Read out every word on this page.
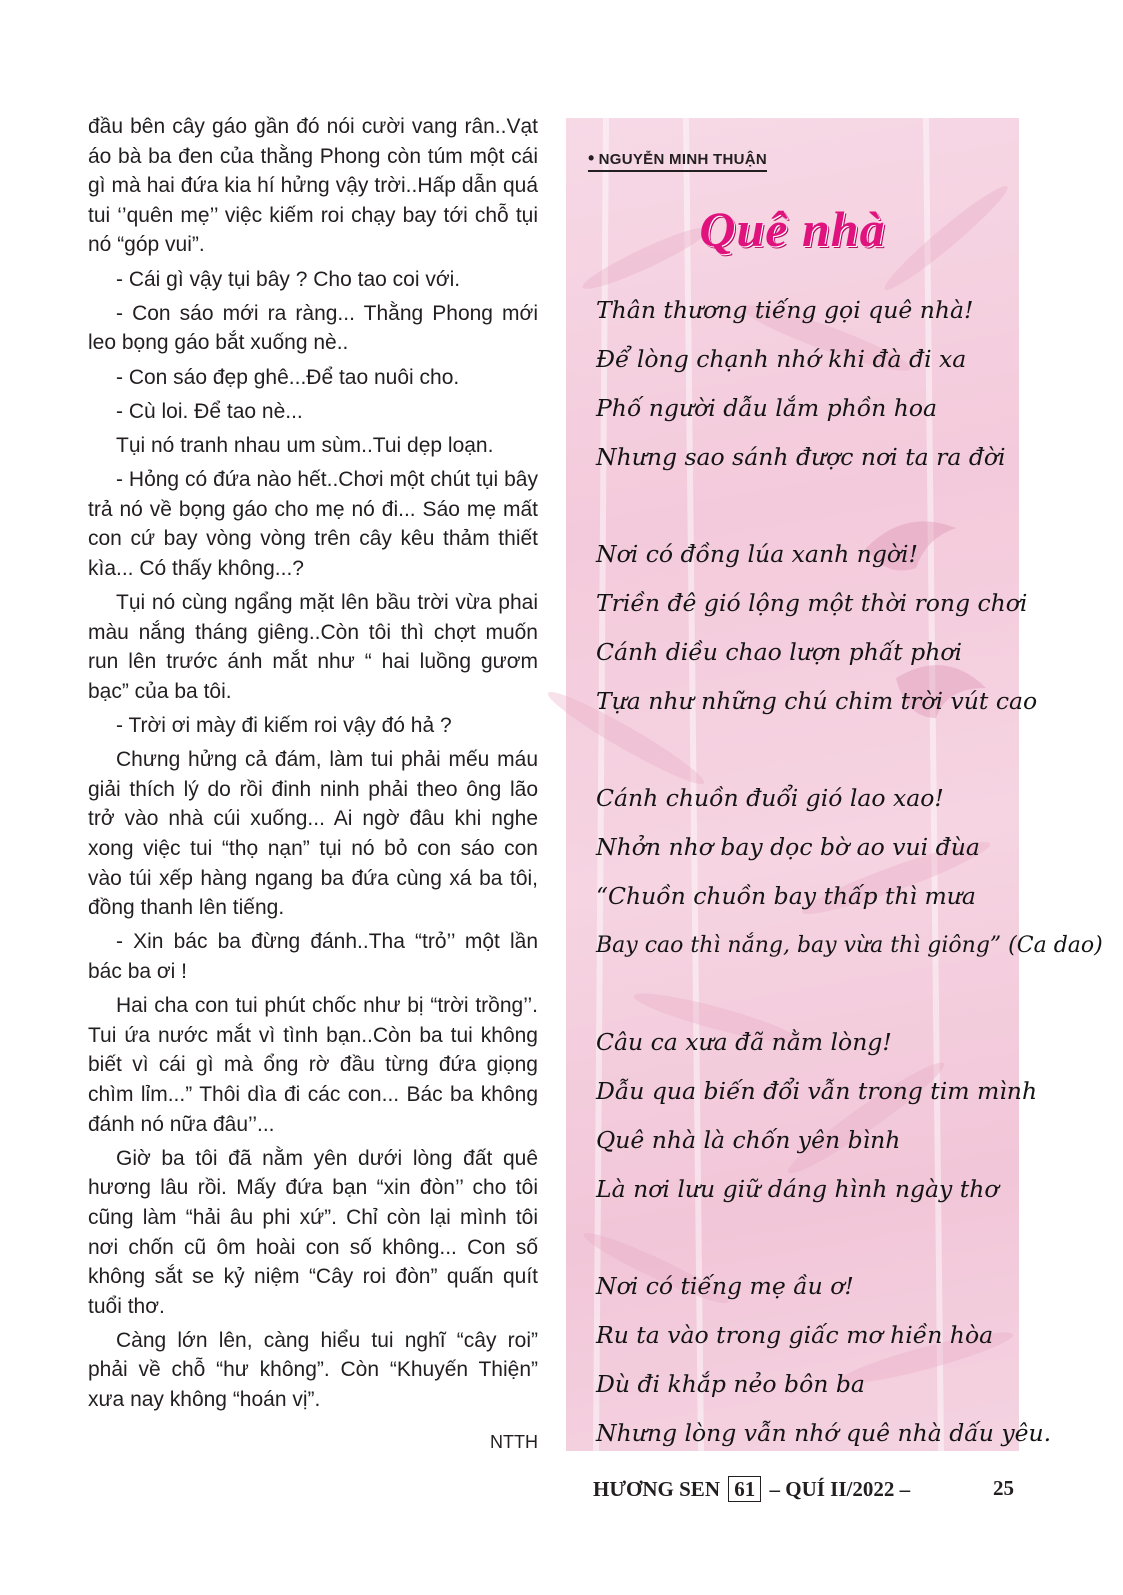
đầu bên cây gáo gần đó nói cười vang rân..Vạt áo bà ba đen của thằng Phong còn túm một cái gì mà hai đứa kia hí hửng vậy trời..Hấp dẫn quá tui ‘’quên mẹ’’ việc kiếm roi chạy bay tới chỗ tụi nó “góp vui”.

- Cái gì vậy tụi bây ? Cho tao coi với.

- Con sáo mới ra ràng... Thằng Phong mới leo bọng gáo bắt xuống nè..

- Con sáo đẹp ghê...Để tao nuôi cho.

- Cù loi. Để tao nè...

Tụi nó tranh nhau um sùm..Tui dẹp loạn.

- Hỏng có đứa nào hết..Chơi một chút tụi bây trả nó về bọng gáo cho mẹ nó đi... Sáo mẹ mất con cứ bay vòng vòng trên cây kêu thảm thiết kìa... Có thấy không...?

Tụi nó cùng ngẩng mặt lên bầu trời vừa phai màu nắng tháng giêng..Còn tôi thì chợt muốn run lên trước ánh mắt như “ hai luồng gươm bạc” của ba tôi.

- Trời ơi mày đi kiếm roi vậy đó hả ?

Chưng hửng cả đám, làm tui phải mếu máu giải thích lý do rồi đinh ninh phải theo ông lão trở vào nhà cúi xuống... Ai ngờ đâu khi nghe xong việc tui “thọ nạn” tụi nó bỏ con sáo con vào túi xếp hàng ngang ba đứa cùng xá ba tôi, đồng thanh lên tiếng.

- Xin bác ba đừng đánh..Tha “trỏ’’ một lần bác ba ơi !

Hai cha con tui phút chốc như bị “trời trồng’’. Tui ứa nước mắt vì tình bạn..Còn ba tui không biết vì cái gì mà ổng rờ đầu từng đứa giọng chìm lỉm...” Thôi dìa đi các con... Bác ba không đánh nó nữa đâu’’...

Giờ ba tôi đã nằm yên dưới lòng đất quê hương lâu rồi. Mấy đứa bạn “xin đòn’’ cho tôi cũng làm “hải âu phi xứ”. Chỉ còn lại mình tôi nơi chốn cũ ôm hoài con số không... Con số không sắt se kỷ niệm “Cây roi đòn” quấn quít tuổi thơ.

Càng lớn lên, càng hiểu tui nghĩ “cây roi” phải về chỗ “hư không”. Còn “Khuyến Thiện” xưa nay không “hoán vị”.

NTTH
• NGUYỄN MINH THUẬN
Quê nhà
Thân thương tiếng gọi quê nhà!
Để lòng chạnh nhớ khi đà đi xa
Phố người dẫu lắm phồn hoa
Nhưng sao sánh được nơi ta ra đời
Nơi có đồng lúa xanh ngời!
Triền đê gió lộng một thời rong chơi
Cánh diều chao lượn phất phơi
Tựa như những chú chim trời vút cao
Cánh chuồn đuổi gió lao xao!
Nhởn nhơ bay dọc bờ ao vui đùa
“Chuồn chuồn bay thấp thì mưa
Bay cao thì nắng, bay vừa thì giông” (Ca dao)
Câu ca xưa đã nằm lòng!
Dẫu qua biến đổi vẫn trong tim mình
Quê nhà là chốn yên bình
Là nơi lưu giữ dáng hình ngày thơ
Nơi có tiếng mẹ ầu ơ!
Ru ta vào trong giấc mơ hiền hòa
Dù đi khắp nẻo bôn ba
Nhưng lòng vẫn nhớ quê nhà dấu yêu.
HƯƠNG SEN 61 – QUÍ II/2022 –	25
